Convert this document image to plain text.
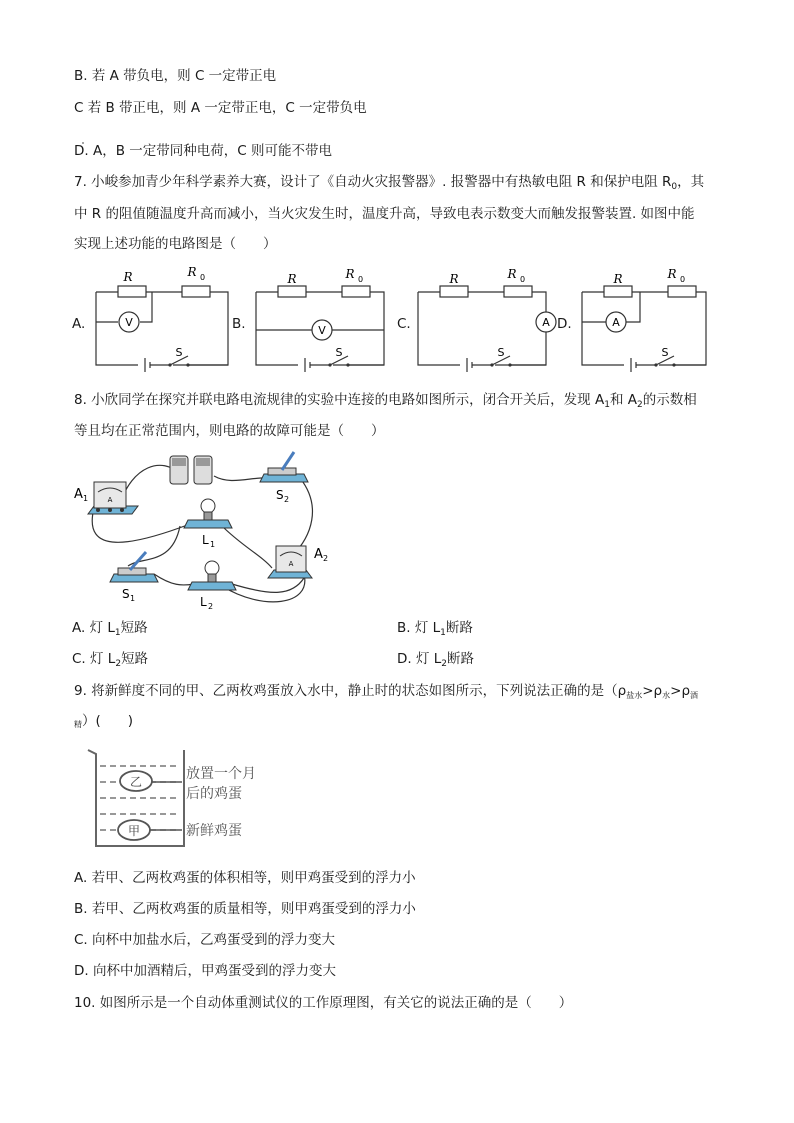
B. 若 A 带负电，则 C 一定带正电
C 若 B 带正电，则 A 一定带正电，C 一定带负电
D. A，B 一定带同种电荷，C 则可能不带电
7. 小峻参加青少年科学素养大赛，设计了《自动火灾报警器》. 报警器中有热敏电阻 R 和保护电阻 $R_0$，其
中 R 的阻值随温度升高而减小，当火灾发生时，温度升高，导致电表示数变大而触发报警装置. 如图中能
实现上述功能的电路图是（　　）
A.	V
R	R 0
S
B.	V
R	R 0
S
C.	A
R	R 0
S
D.	A
R	R 0
S
8. 小欣同学在探究并联电路电流规律的实验中连接的电路如图所示，闭合开关后，发现 $A_1$和 $A_2$的示数相
等且均在正常范围内，则电路的故障可能是（　　）
A
A 1	S 2
L 1
A
A 2
S 1	L 2
A. 灯 $L_1$短路	B. 灯 $L_1$断路
C. 灯 $L_2$短路	D. 灯 $L_2$断路
9. 将新鲜度不同的甲、乙两枚鸡蛋放入水中，静止时的状态如图所示，下列说法正确的是（$\rho_{盐水}>\rho_水>\rho_酒$
$_精$）(　　)
乙
甲
放置一个月
后的鸡蛋
新鲜鸡蛋
A. 若甲、乙两枚鸡蛋的体积相等，则甲鸡蛋受到的浮力小
B. 若甲、乙两枚鸡蛋的质量相等，则甲鸡蛋受到的浮力小
C. 向杯中加盐水后，乙鸡蛋受到的浮力变大
D. 向杯中加酒精后，甲鸡蛋受到的浮力变大
10. 如图所示是一个自动体重测试仪的工作原理图，有关它的说法正确的是（　　）
